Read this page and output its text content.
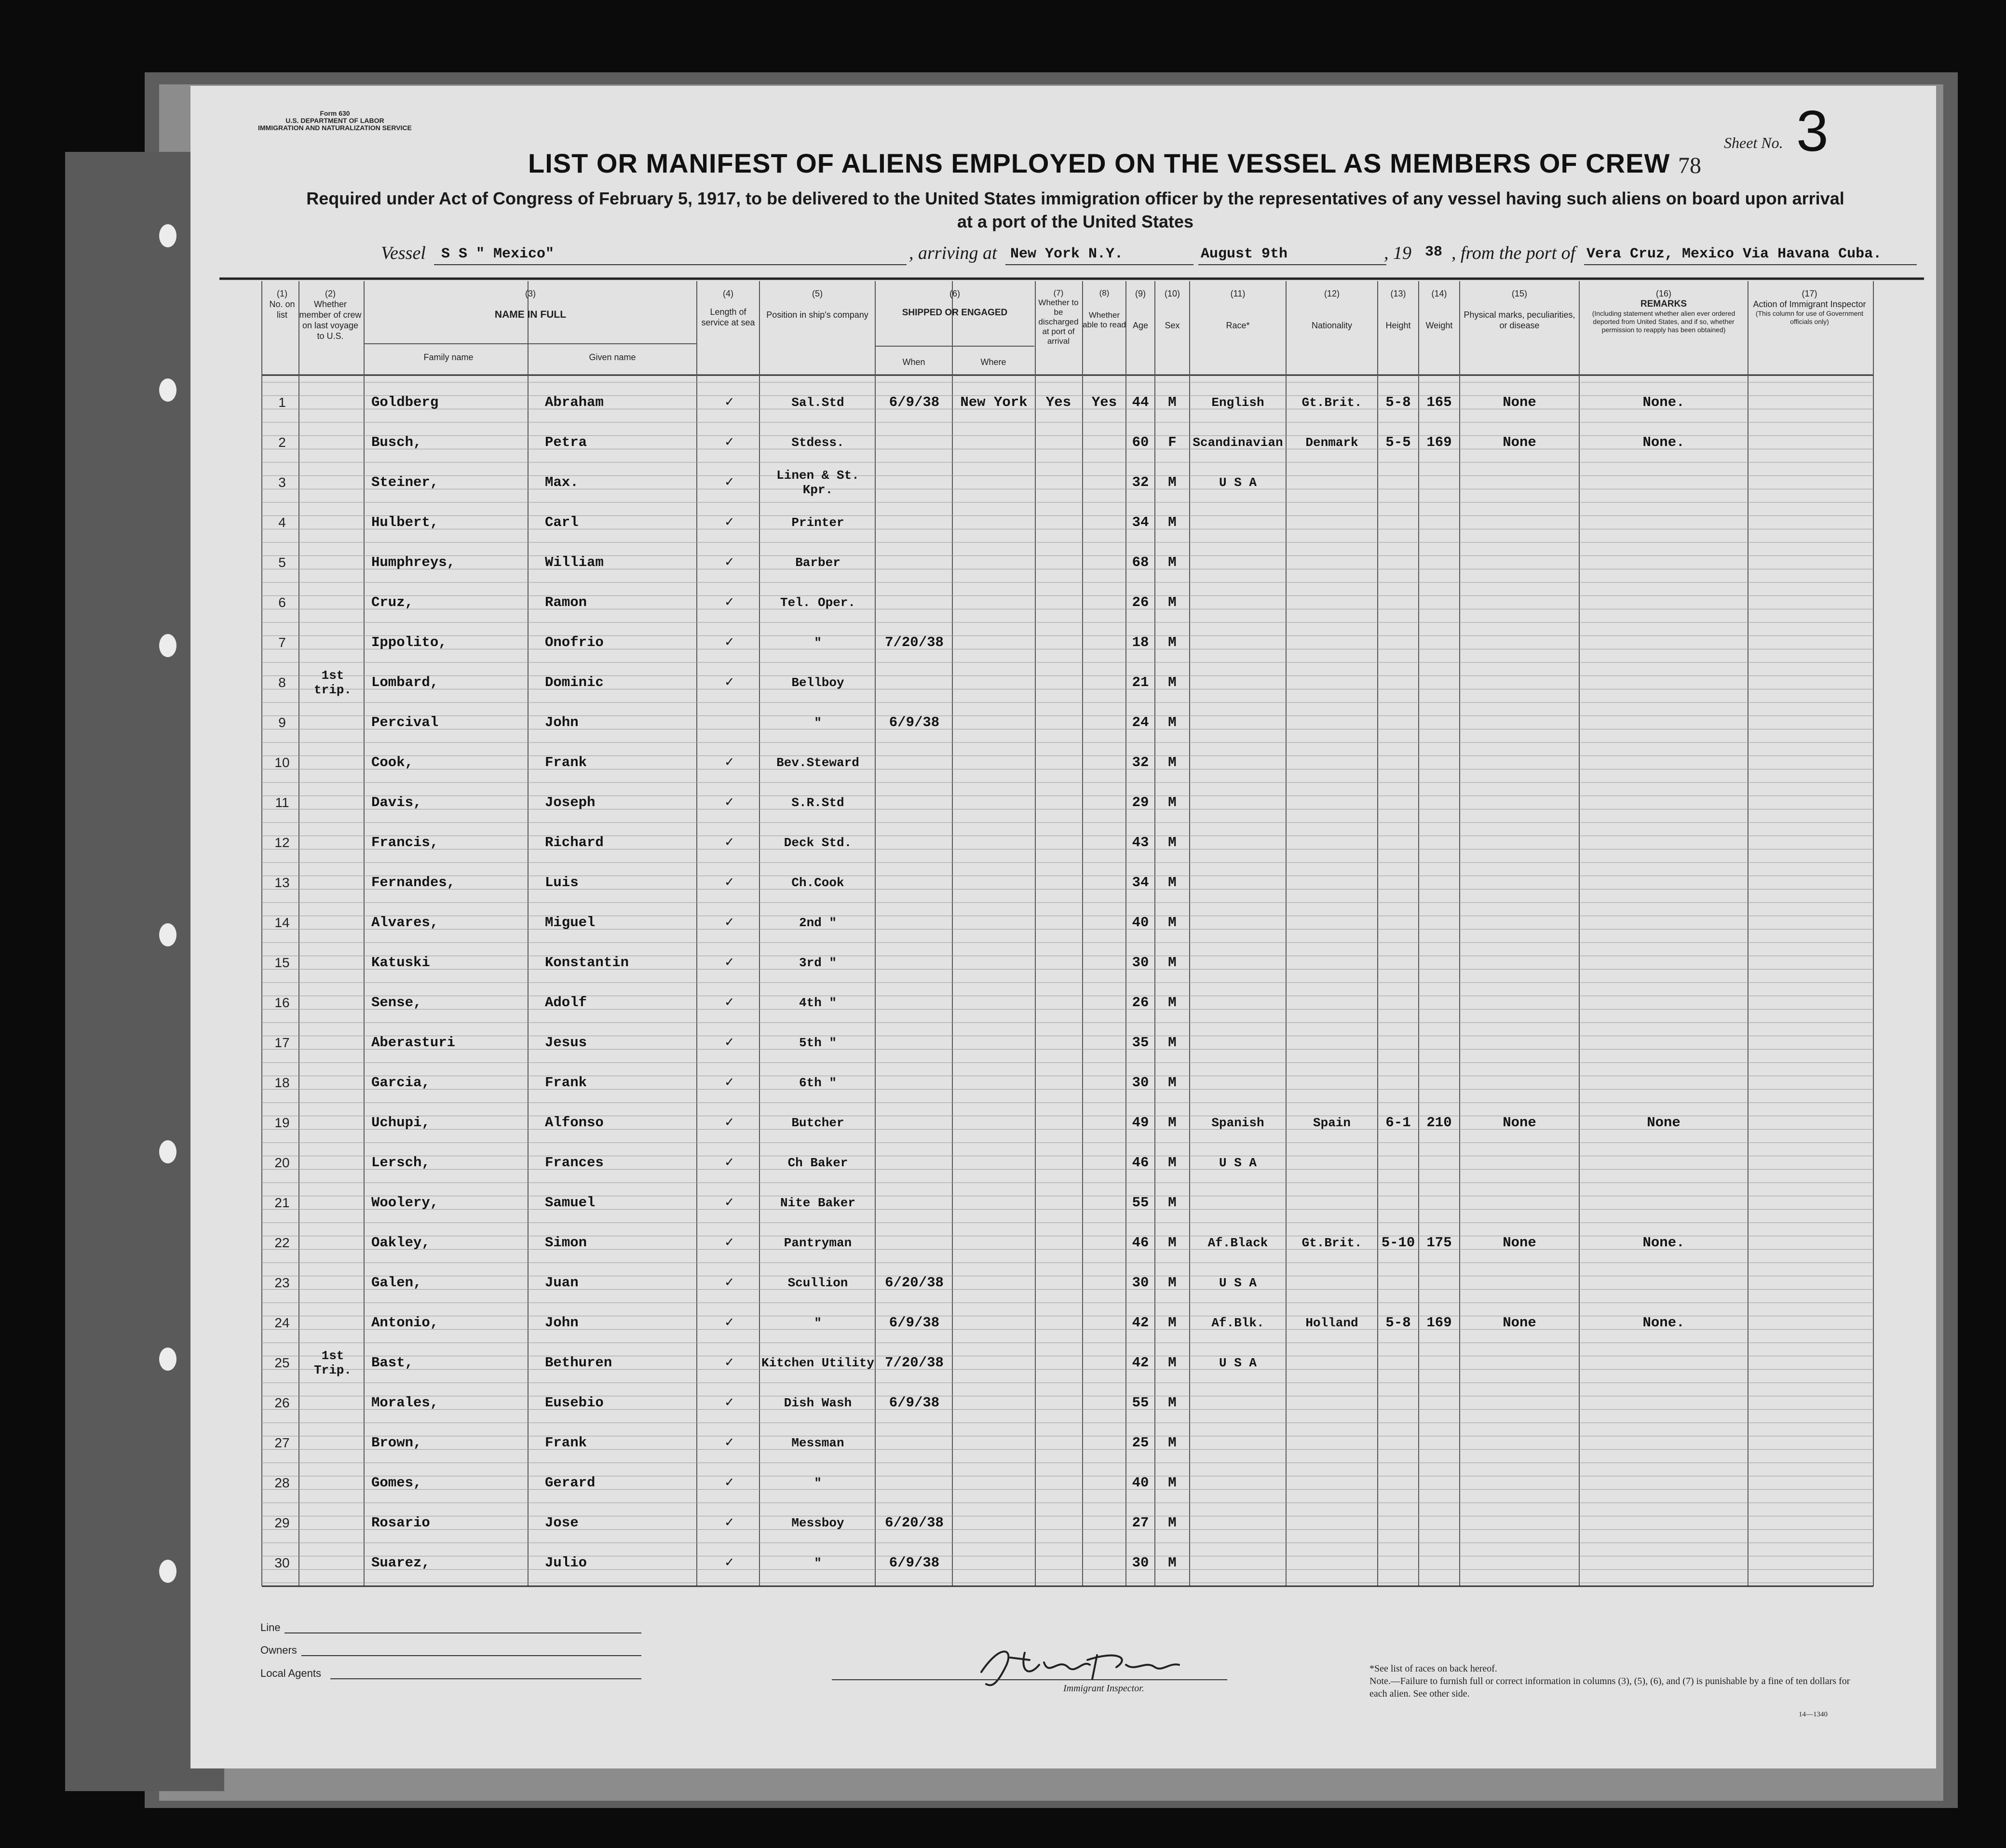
Form 630
U.S. DEPARTMENT OF LABOR
IMMIGRATION AND NATURALIZATION SERVICE
LIST OR MANIFEST OF ALIENS EMPLOYED ON THE VESSEL AS MEMBERS OF CREW 78
Sheet No. 3
Required under Act of Congress of February 5, 1917, to be delivered to the United States immigration officer by the representatives of any vessel having such aliens on board upon arrival at a port of the United States
Vessel S S " Mexico"	, arriving at New York N.Y.	August 9th	, 19 38 , from the port of Vera Cruz, Mexico Via Havana Cuba.
(1)
No. on list
(2)
Whether member of crew on last voyage to U.S.
(3)
NAME IN FULL
Family name	Given name
(4)
Length of service at sea
(5)
Position in ship's company
(6)
SHIPPED OR ENGAGED
When	Where
(7)
Whether to be discharged at port of arrival
(8)
Whether able to read
(9)
Age
(10)
Sex
(11)
Race*
(12)
Nationality
(13)
Height
(14)
Weight
(15)
Physical marks, peculiarities, or disease
(16)
REMARKS
(Including statement whether alien ever ordered deported from United States, and if so, whether permission to reapply has been obtained)
(17)
Action of Immigrant Inspector
(This column for use of Government officials only)
1	Goldberg	Abraham	✓	Sal.Std	6/9/38	New York	Yes	Yes	44	M	English	Gt.Brit.	5-8	165	None	None.
2	Busch,	Petra	✓	Stdess.	60	F	Scandinavian	Denmark	5-5	169	None	None.
3	Steiner,	Max.	✓	Linen & St. Kpr.	32	M	U S A
4	Hulbert,	Carl	✓	Printer	34	M
5	Humphreys,	William	✓	Barber	68	M
6	Cruz,	Ramon	✓	Tel. Oper.	26	M
7	Ippolito,	Onofrio	✓	"	7/20/38	18	M
8	1st trip.	Lombard,	Dominic	✓	Bellboy	21	M
9	Percival	John	"	6/9/38	24	M
10	Cook,	Frank	✓	Bev.Steward	32	M
11	Davis,	Joseph	✓	S.R.Std	29	M
12	Francis,	Richard	✓	Deck Std.	43	M
13	Fernandes,	Luis	✓	Ch.Cook	34	M
14	Alvares,	Miguel	✓	2nd "	40	M
15	Katuski	Konstantin	✓	3rd "	30	M
16	Sense,	Adolf	✓	4th "	26	M
17	Aberasturi	Jesus	✓	5th "	35	M
18	Garcia,	Frank	✓	6th "	30	M
19	Uchupi,	Alfonso	✓	Butcher	49	M	Spanish	Spain	6-1	210	None	None
20	Lersch,	Frances	✓	Ch Baker	46	M	U S A
21	Woolery,	Samuel	✓	Nite Baker	55	M
22	Oakley,	Simon	✓	Pantryman	46	M	Af.Black	Gt.Brit.	5-10 175	None	None.
23	Galen,	Juan	✓	Scullion	6/20/38	30	M	U S A
24	Antonio,	John	✓	"	6/9/38	42	M	Af.Blk.	Holland	5-8	169	None	None.
25	1st Trip.	Bast,	Bethuren	✓	Kitchen Utility 7/20/38	42	M	U S A
26	Morales,	Eusebio	✓	Dish Wash	6/9/38	55	M
27	Brown,	Frank	✓	Messman	25	M
28	Gomes,	Gerard	✓	"	40	M
29	Rosario	Jose	✓	Messboy	6/20/38	27	M
30	Suarez,	Julio	✓	"	6/9/38	30	M
Line
Owners
Local Agents
J. Lee M. Fuve
Immigrant Inspector.
*See list of races on back hereof.
Note.—Failure to furnish full or correct information in columns (3), (5), (6), and (7) is punishable by a fine of ten dollars for each alien. See other side.
14—1340
